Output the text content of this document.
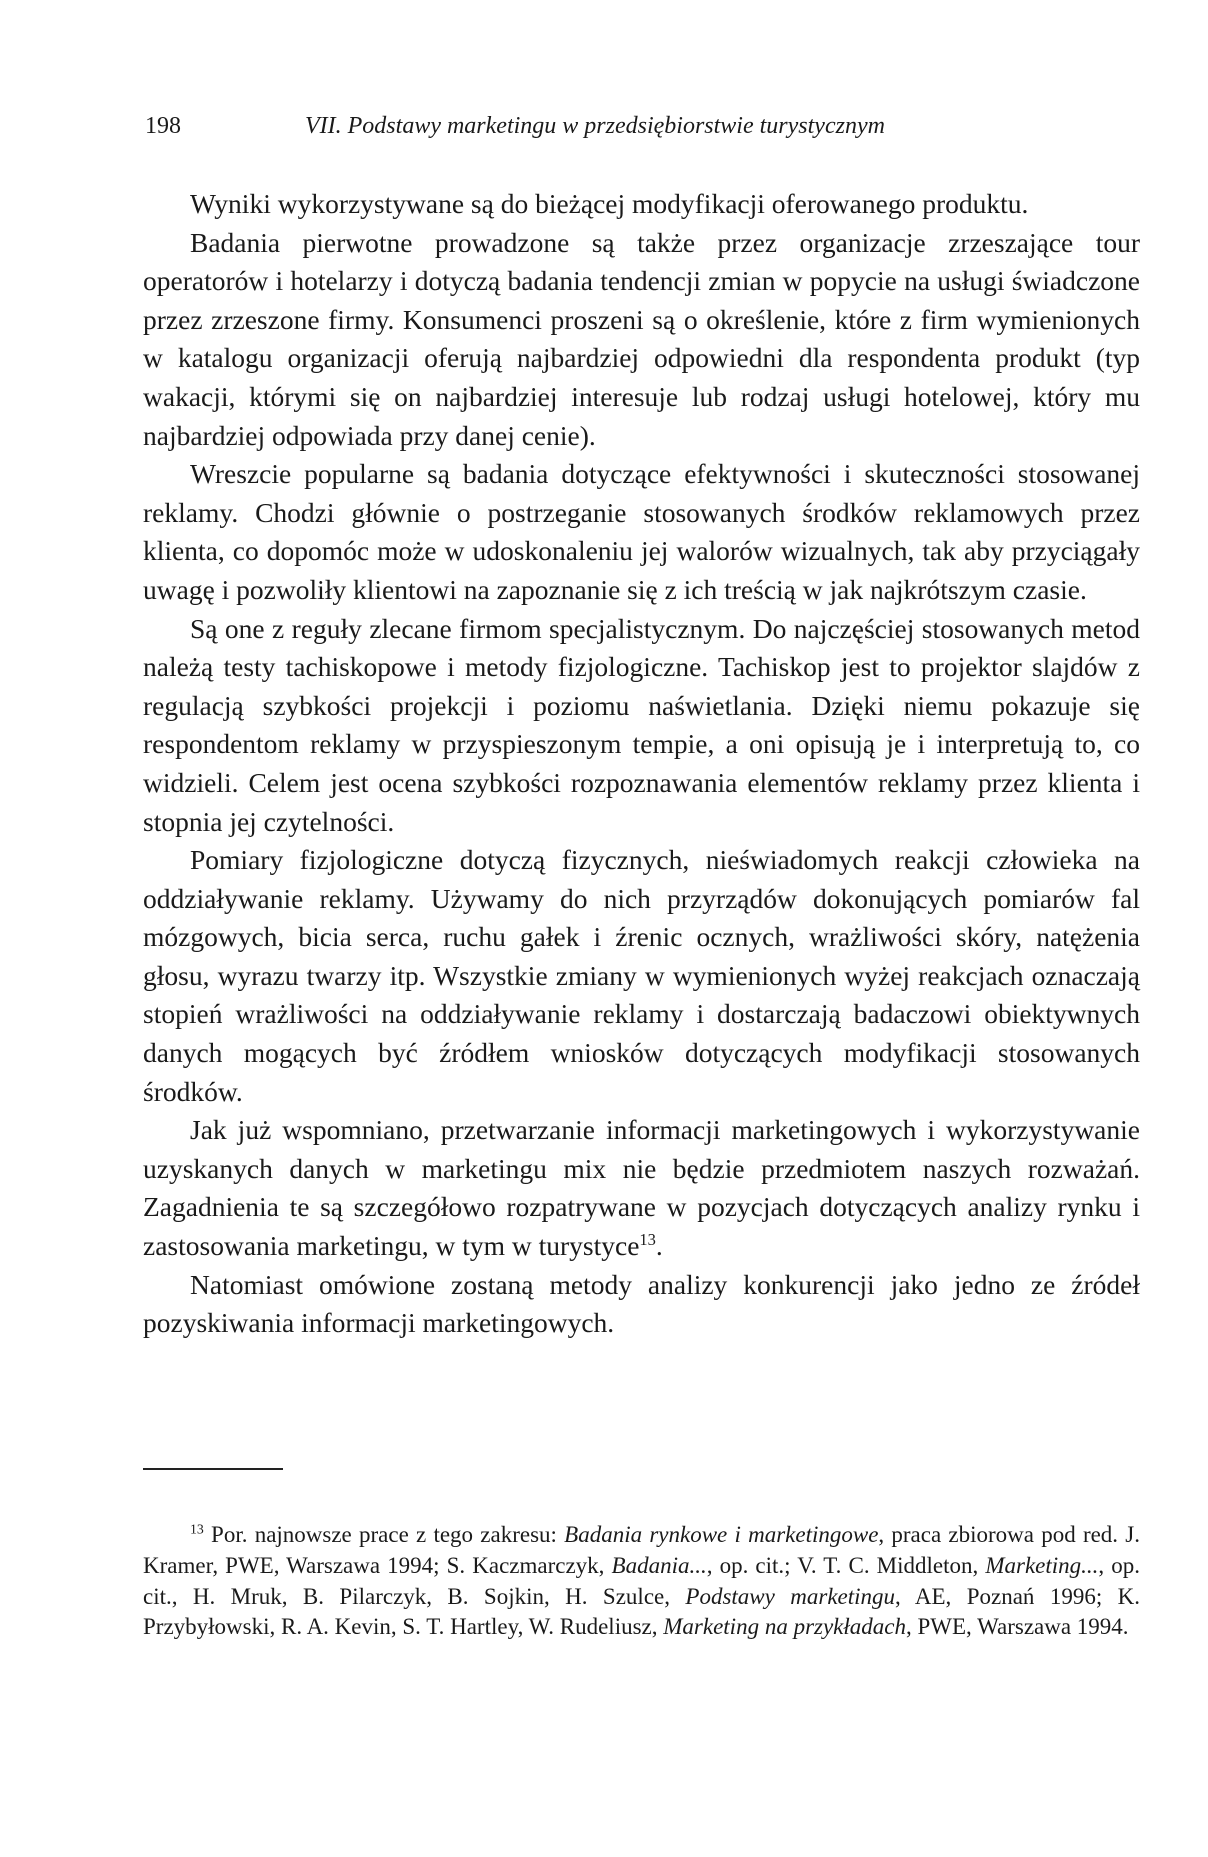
198	VII. Podstawy marketingu w przedsiębiorstwie turystycznym

Wyniki wykorzystywane są do bieżącej modyfikacji oferowanego produktu.

Badania pierwotne prowadzone są także przez organizacje zrzeszające tour operatorów i hotelarzy i dotyczą badania tendencji zmian w popycie na usługi świadczone przez zrzeszone firmy. Konsumenci proszeni są o określenie, które z firm wymienionych w katalogu organizacji oferują najbardziej odpowiedni dla respondenta produkt (typ wakacji, którymi się on najbardziej interesuje lub rodzaj usługi hotelowej, który mu najbardziej odpowiada przy danej cenie).

Wreszcie popularne są badania dotyczące efektywności i skuteczności stosowanej reklamy. Chodzi głównie o postrzeganie stosowanych środków reklamowych przez klienta, co dopomóc może w udoskonaleniu jej walorów wizualnych, tak aby przyciągały uwagę i pozwoliły klientowi na zapoznanie się z ich treścią w jak najkrótszym czasie.

Są one z reguły zlecane firmom specjalistycznym. Do najczęściej stosowanych metod należą testy tachiskopowe i metody fizjologiczne. Tachiskop jest to projektor slajdów z regulacją szybkości projekcji i poziomu naświetlania. Dzięki niemu pokazuje się respondentom reklamy w przyspieszonym tempie, a oni opisują je i interpretują to, co widzieli. Celem jest ocena szybkości rozpoznawania elementów reklamy przez klienta i stopnia jej czytelności.

Pomiary fizjologiczne dotyczą fizycznych, nieświadomych reakcji człowieka na oddziaływanie reklamy. Używamy do nich przyrządów dokonujących pomiarów fal mózgowych, bicia serca, ruchu gałek i źrenic ocznych, wrażliwości skóry, natężenia głosu, wyrazu twarzy itp. Wszystkie zmiany w wymienionych wyżej reakcjach oznaczają stopień wrażliwości na oddziaływanie reklamy i dostarczają badaczowi obiektywnych danych mogących być źródłem wniosków dotyczących modyfikacji stosowanych środków.

Jak już wspomniano, przetwarzanie informacji marketingowych i wykorzystywanie uzyskanych danych w marketingu mix nie będzie przedmiotem naszych rozważań. Zagadnienia te są szczegółowo rozpatrywane w pozycjach dotyczących analizy rynku i zastosowania marketingu, w tym w turystyce$^{13}$.

Natomiast omówione zostaną metody analizy konkurencji jako jedno ze źródeł pozyskiwania informacji marketingowych.

$^{13}$ Por. najnowsze prace z tego zakresu: Badania rynkowe i marketingowe, praca zbiorowa pod red. J. Kramer, PWE, Warszawa 1994; S. Kaczmarczyk, Badania..., op. cit.; V. T. C. Middleton, Marketing..., op. cit., H. Mruk, B. Pilarczyk, B. Sojkin, H. Szulce, Podstawy marketingu, AE, Poznań 1996; K. Przybyłowski, R. A. Kevin, S. T. Hartley, W. Rudeliusz, Marketing na przykładach, PWE, Warszawa 1994.
